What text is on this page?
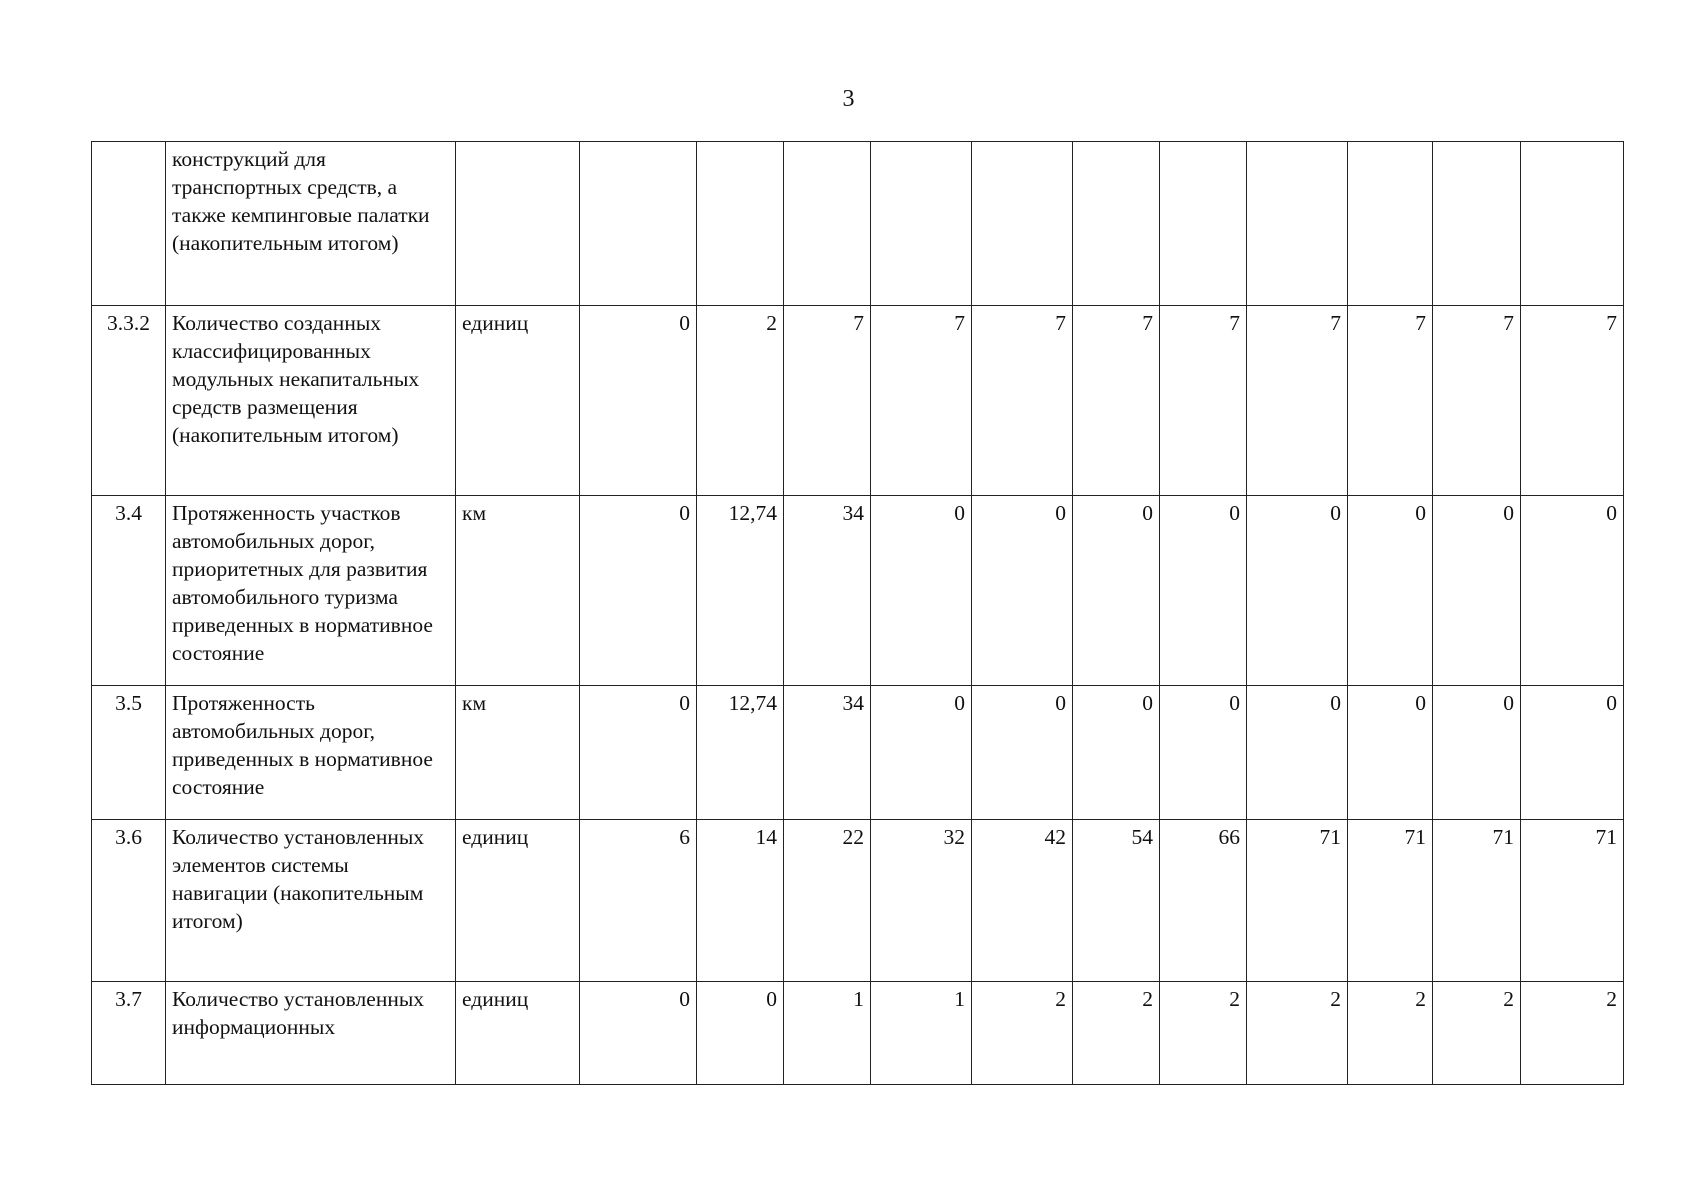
3
	конструкций для транспортных средств, а также кемпинговые палатки (накопительным итогом)												
3.3.2	Количество созданных классифицированных модульных некапитальных средств размещения (накопительным итогом)	единиц	0	2	7	7	7	7	7	7	7	7	7
3.4	Протяженность участков автомобильных дорог, приоритетных для развития автомобильного туризма приведенных в нормативное состояние	км	0	12,74	34	0	0	0	0	0	0	0	0
3.5	Протяженность автомобильных дорог, приведенных в нормативное состояние	км	0	12,74	34	0	0	0	0	0	0	0	0
3.6	Количество установленных элементов системы навигации (накопительным итогом)	единиц	6	14	22	32	42	54	66	71	71	71	71
3.7	Количество установленных информационных	единиц	0	0	1	1	2	2	2	2	2	2	2
